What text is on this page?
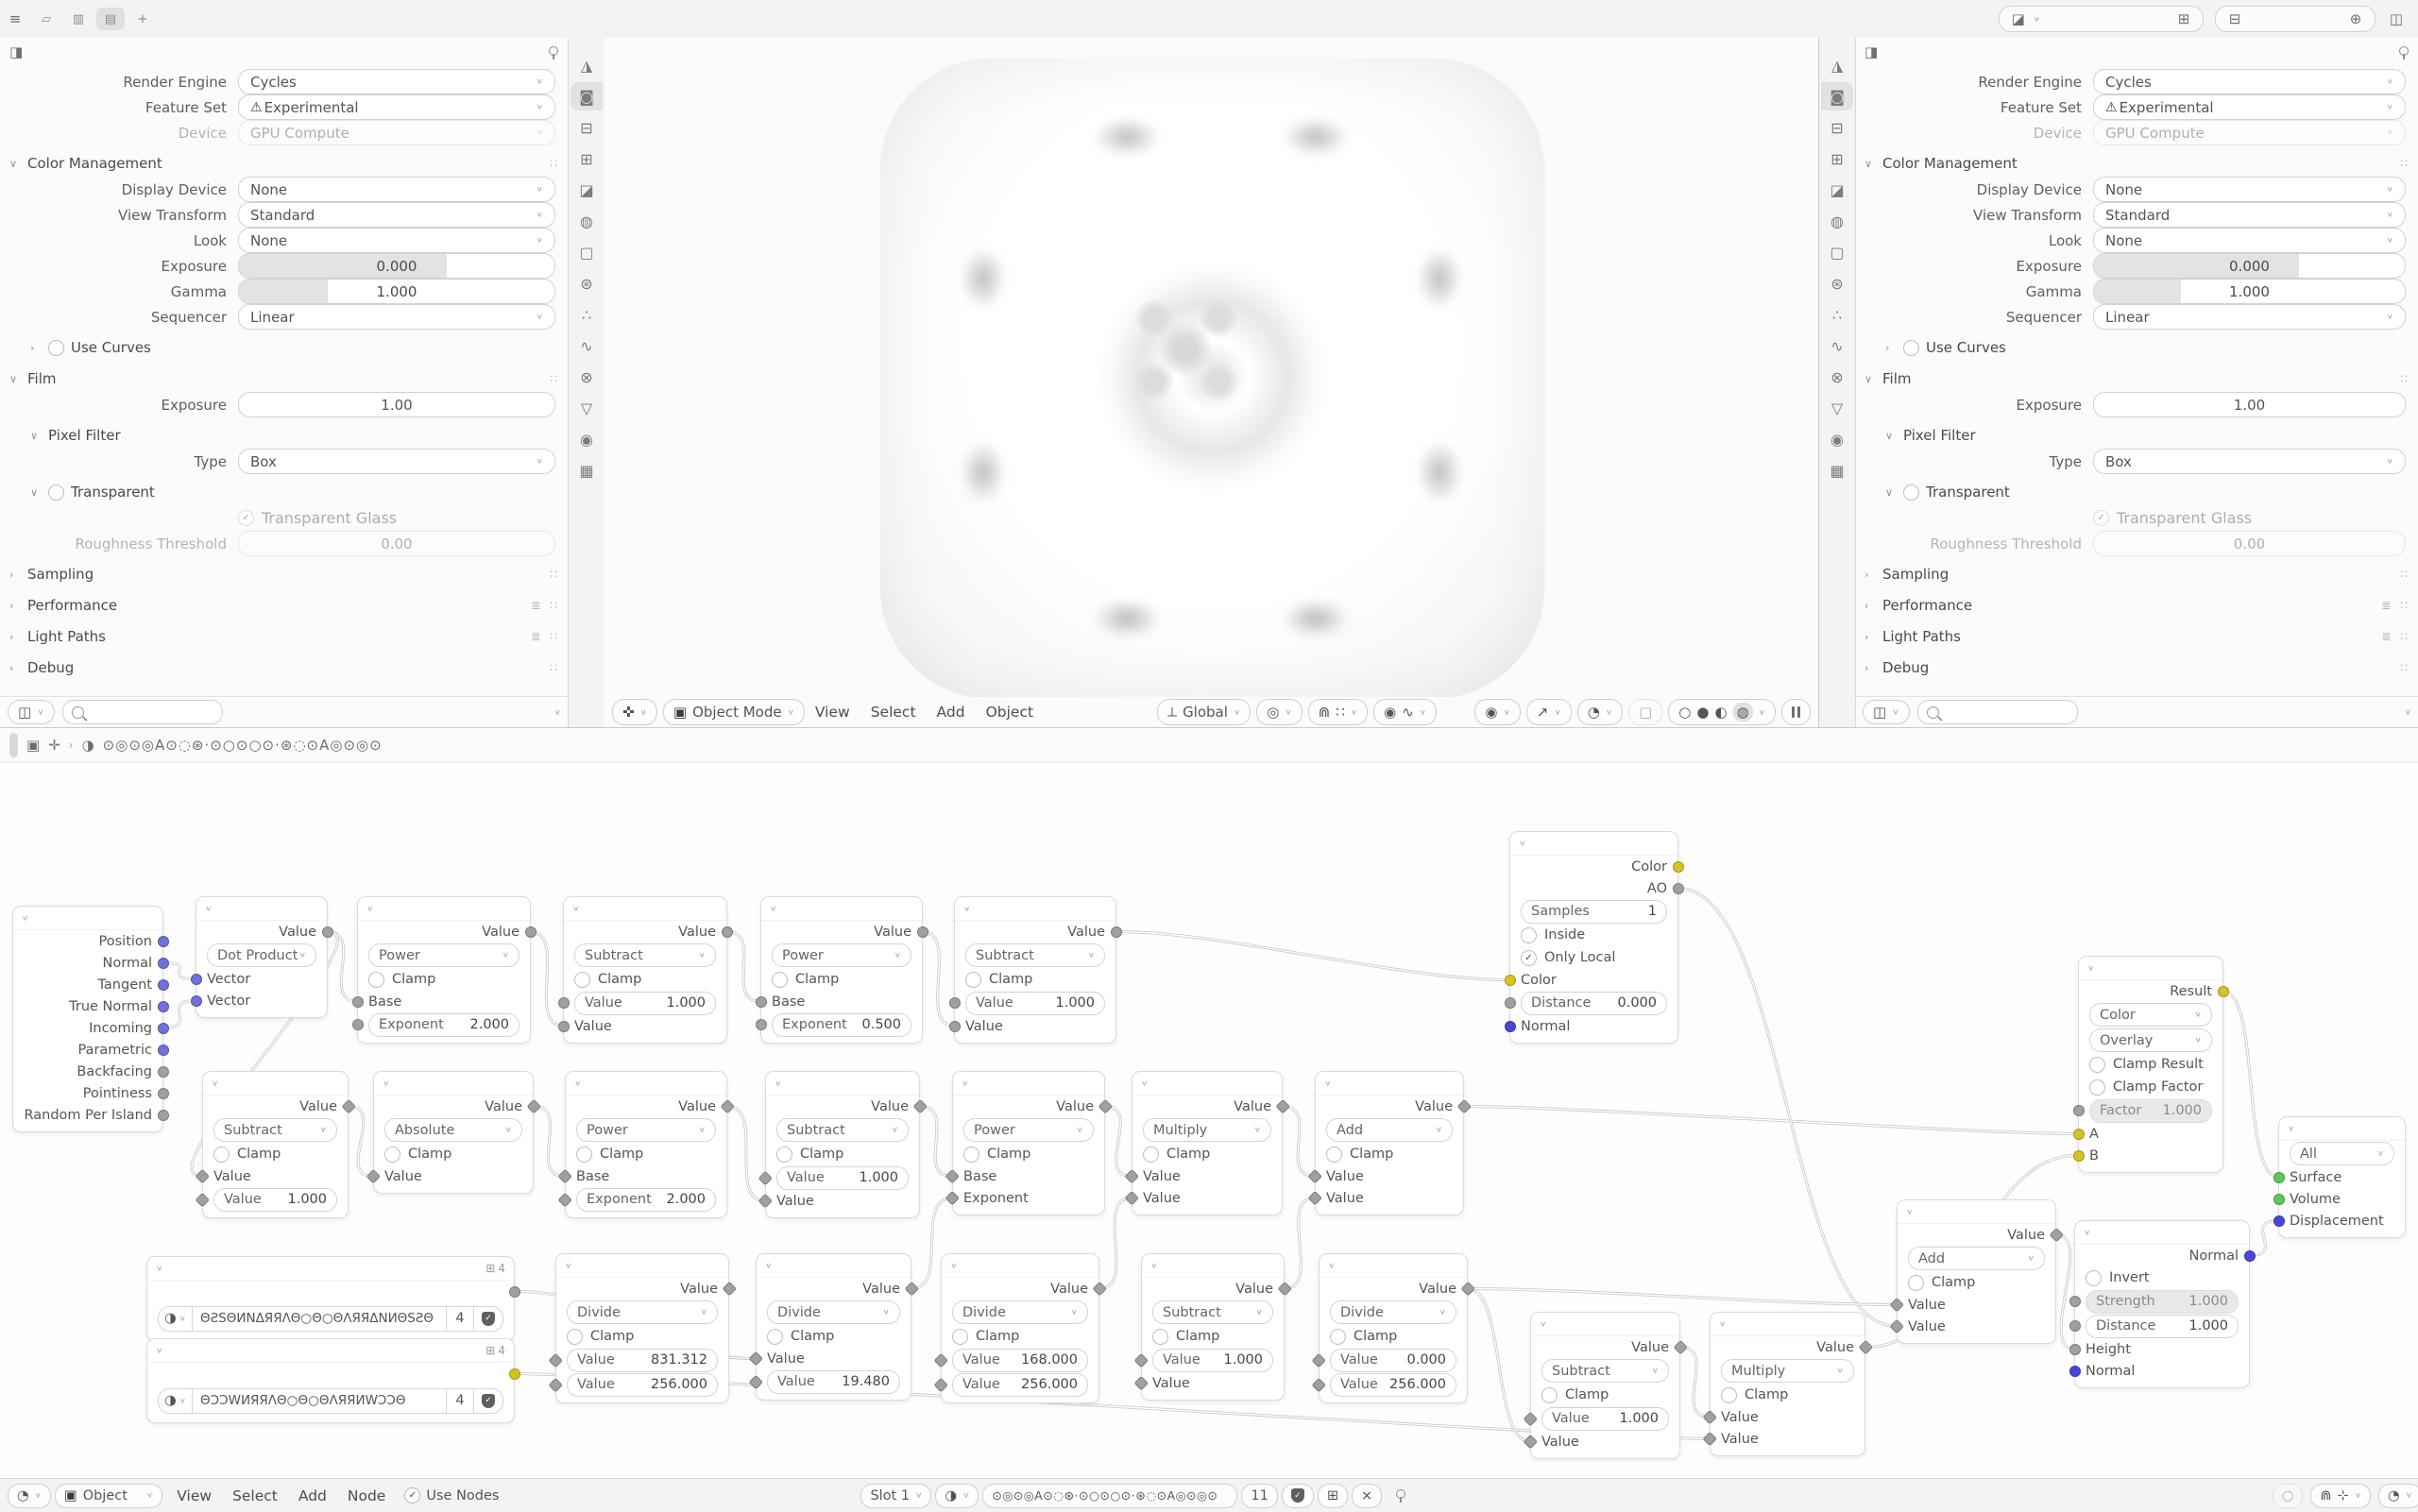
≡	▱	▥	▤	+	◪ ∨	⊞	⊟	⊕	◫
◨
Render Engine	Cycles	∨
Feature Set	⚠ Experimental	∨
Device	GPU Compute	∨
∨ Color Management	∷
Display Device	None	∨
View Transform	Standard	∨
Look	None	∨
Exposure	0.000
Gamma	1.000
Sequencer	Linear	∨
›	Use Curves
∨ Film	∷
Exposure	1.00
∨ Pixel Filter
Type	Box	∨
∨ Transparent
✓ Transparent Glass
Roughness Threshold	0.00
› Sampling	∷
› Performance	≣ ∷
› Light Paths	≣ ∷
› Debug	∷
◮
◙
⊟
⊞
◪
◍
▢
⊛
∴
∿
⊗
▽
◉
▦
◫ ∨	∨	✜ ∨ ▣ Object Mode ∨	View	Select	Add	Object	⟂ Global ∨	◎ ∨ ⋒ ∷ ∨	◉ ∿ ∨	◉ ∨ ↗ ∨ ◔ ∨ ▢ ○ ● ◐ ◍	∨
◮
◙
⊟
⊞
◪
◍
▢
⊛
∴
∿
⊗
▽
◉
▦
◨
Render Engine	Cycles	∨
Feature Set	⚠ Experimental	∨
Device	GPU Compute	∨
∨ Color Management	∷
Display Device	None	∨
View Transform	Standard	∨
Look	None	∨
Exposure	0.000
Gamma	1.000
Sequencer	Linear	∨
›	Use Curves
∨ Film	∷
Exposure	1.00
∨ Pixel Filter
Type	Box	∨
∨ Transparent
✓ Transparent Glass
Roughness Threshold	0.00
› Sampling	∷
› Performance	≣ ∷
› Light Paths	≣ ∷
› Debug	∷
◫ ∨	∨
▣ ✛ › ◑ ⊙◎⊙◎A⊙◌⊛·⊙○⊙○⊙·⊛◌⊙A◎⊙◎⊙
∨
Position
Normal
Tangent
True Normal
Incoming
Parametric
Backfacing
Pointiness
Random Per Island
∨
Value
Dot Product ∨
Vector
Vector
∨
Value
Power	∨
Clamp
Base
Exponent 2.000
∨
Value
Subtract	∨
Clamp
Value	1.000
Value
∨
Value
Power	∨
Clamp
Base
Exponent 0.500
∨
Value
Subtract	∨
Clamp
Value	1.000
Value
∨
Value
Subtract	∨
Clamp
Value
Value 1.000
∨
Value
Absolute	∨
Clamp
Value
∨
Value
Power	∨
Clamp
Base
Exponent 2.000
∨
Value
Subtract	∨
Clamp
Value	1.000
Value
∨
Value
Power	∨
Clamp
Base
Exponent
∨
Value
Multiply	∨
Clamp
Value
Value
∨
Value
Add	∨
Clamp
Value
Value
∨
Color
AO
Samples	1
Inside
✓ Only Local
Color
Distance 0.000
Normal
∨	⊞ 4
◑ ∨	ΘƧSΘИNΔЯЯΛΘ○Θ○ΘΛЯЯΔNИΘSƧΘ	4	✓
∨	⊞ 4
◑ ∨	ΘƆƆWИЯЯΛΘ○Θ○ΘΛЯЯИWƆƆΘ	4	✓
∨
Value
Divide	∨
Clamp
Value	831.312
Value	256.000
∨
Value
Divide	∨
Clamp
Value
Value 19.480
∨
Value
Divide	∨
Clamp
Value 168.000
Value 256.000
∨
Value
Subtract	∨
Clamp
Value 1.000
Value
∨
Value
Divide	∨
Clamp
Value 0.000
Value 256.000
∨
Value
Subtract	∨
Clamp
Value 1.000
Value
∨
Value
Multiply	∨
Clamp
Value
Value
∨
Value
Add	∨
Clamp
Value
Value
∨
Result
Color	∨
Overlay	∨
Clamp Result
Clamp Factor
Factor 1.000
A
B
∨
All	∨
Surface
Volume
Displacement
∨
Normal
Invert
Strength 1.000
Distance 1.000
Height
Normal
◔ ∨ ▣ Object ∨	View	Select	Add	Node	✓ Use Nodes	Slot 1 ∨ ◑ ∨ ⊙◎⊙◎A⊙◌⊛·⊙○⊙○⊙·⊛◌⊙A◎⊙◎⊙ 11	✓	⊞	×	○	⋒ ⊹ ∨ ◔ ∨
